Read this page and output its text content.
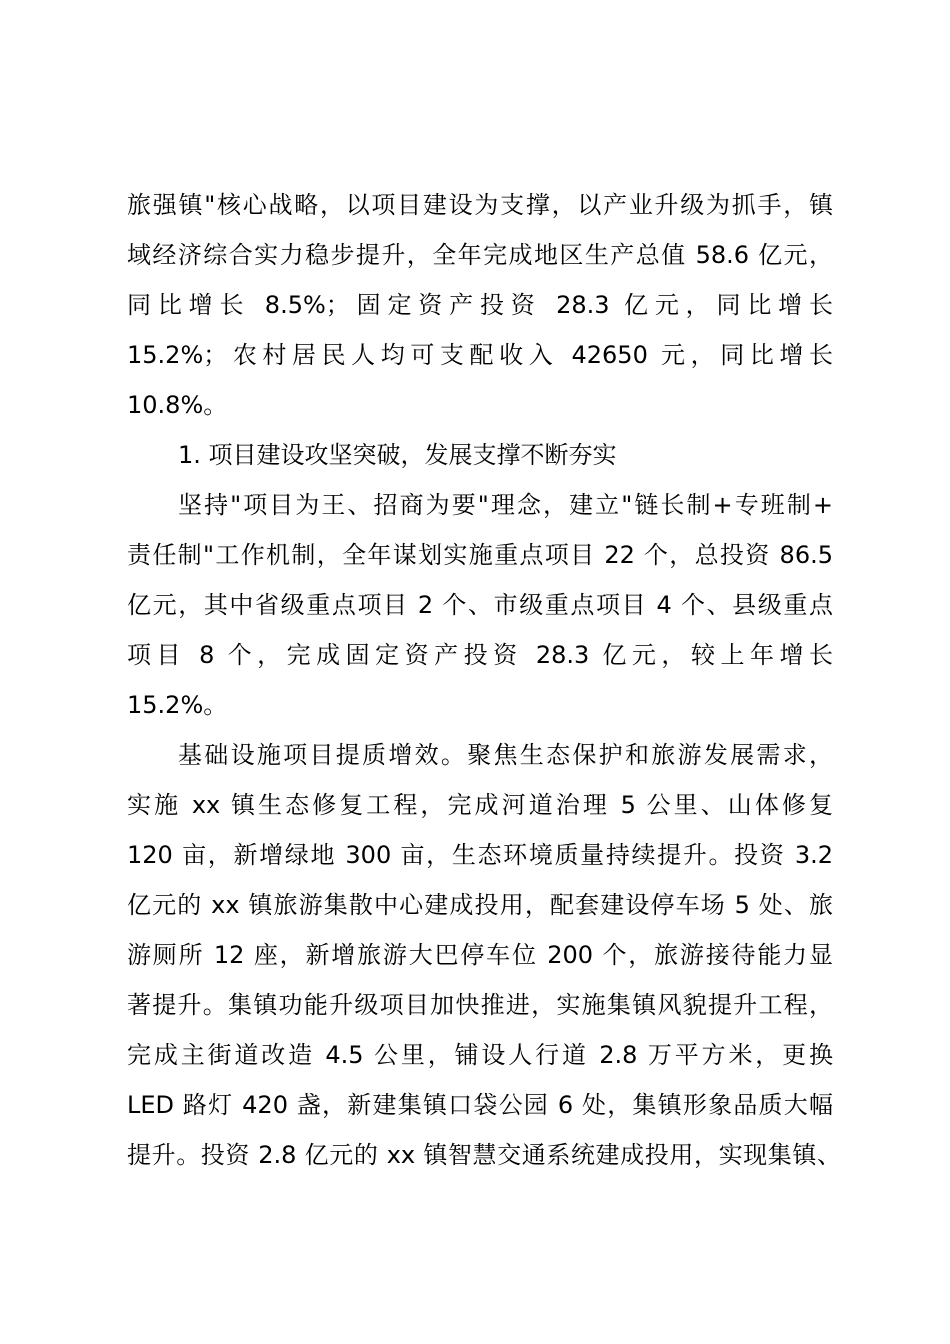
旅强镇"核心战略，以项目建设为支撑，以产业升级为抓手，镇
域经济综合实力稳步提升，全年完成地区生产总值 58.6 亿元，
同比增长 8.5%；固定资产投资 28.3 亿元，同比增长
15.2%；农村居民人均可支配收入 42650 元，同比增长
10.8%。
1. 项目建设攻坚突破，发展支撑不断夯实
坚持"项目为王、招商为要"理念，建立"链长制+专班制+
责任制"工作机制，全年谋划实施重点项目 22 个，总投资 86.5
亿元，其中省级重点项目 2 个、市级重点项目 4 个、县级重点
项目 8 个，完成固定资产投资 28.3 亿元，较上年增长
15.2%。
基础设施项目提质增效。聚焦生态保护和旅游发展需求，
实施 xx 镇生态修复工程，完成河道治理 5 公里、山体修复
120 亩，新增绿地 300 亩，生态环境质量持续提升。投资 3.2
亿元的 xx 镇旅游集散中心建成投用，配套建设停车场 5 处、旅
游厕所 12 座，新增旅游大巴停车位 200 个，旅游接待能力显
著提升。集镇功能升级项目加快推进，实施集镇风貌提升工程，
完成主街道改造 4.5 公里，铺设人行道 2.8 万平方米，更换
LED 路灯 420 盏，新建集镇口袋公园 6 处，集镇形象品质大幅
提升。投资 2.8 亿元的 xx 镇智慧交通系统建成投用，实现集镇、
